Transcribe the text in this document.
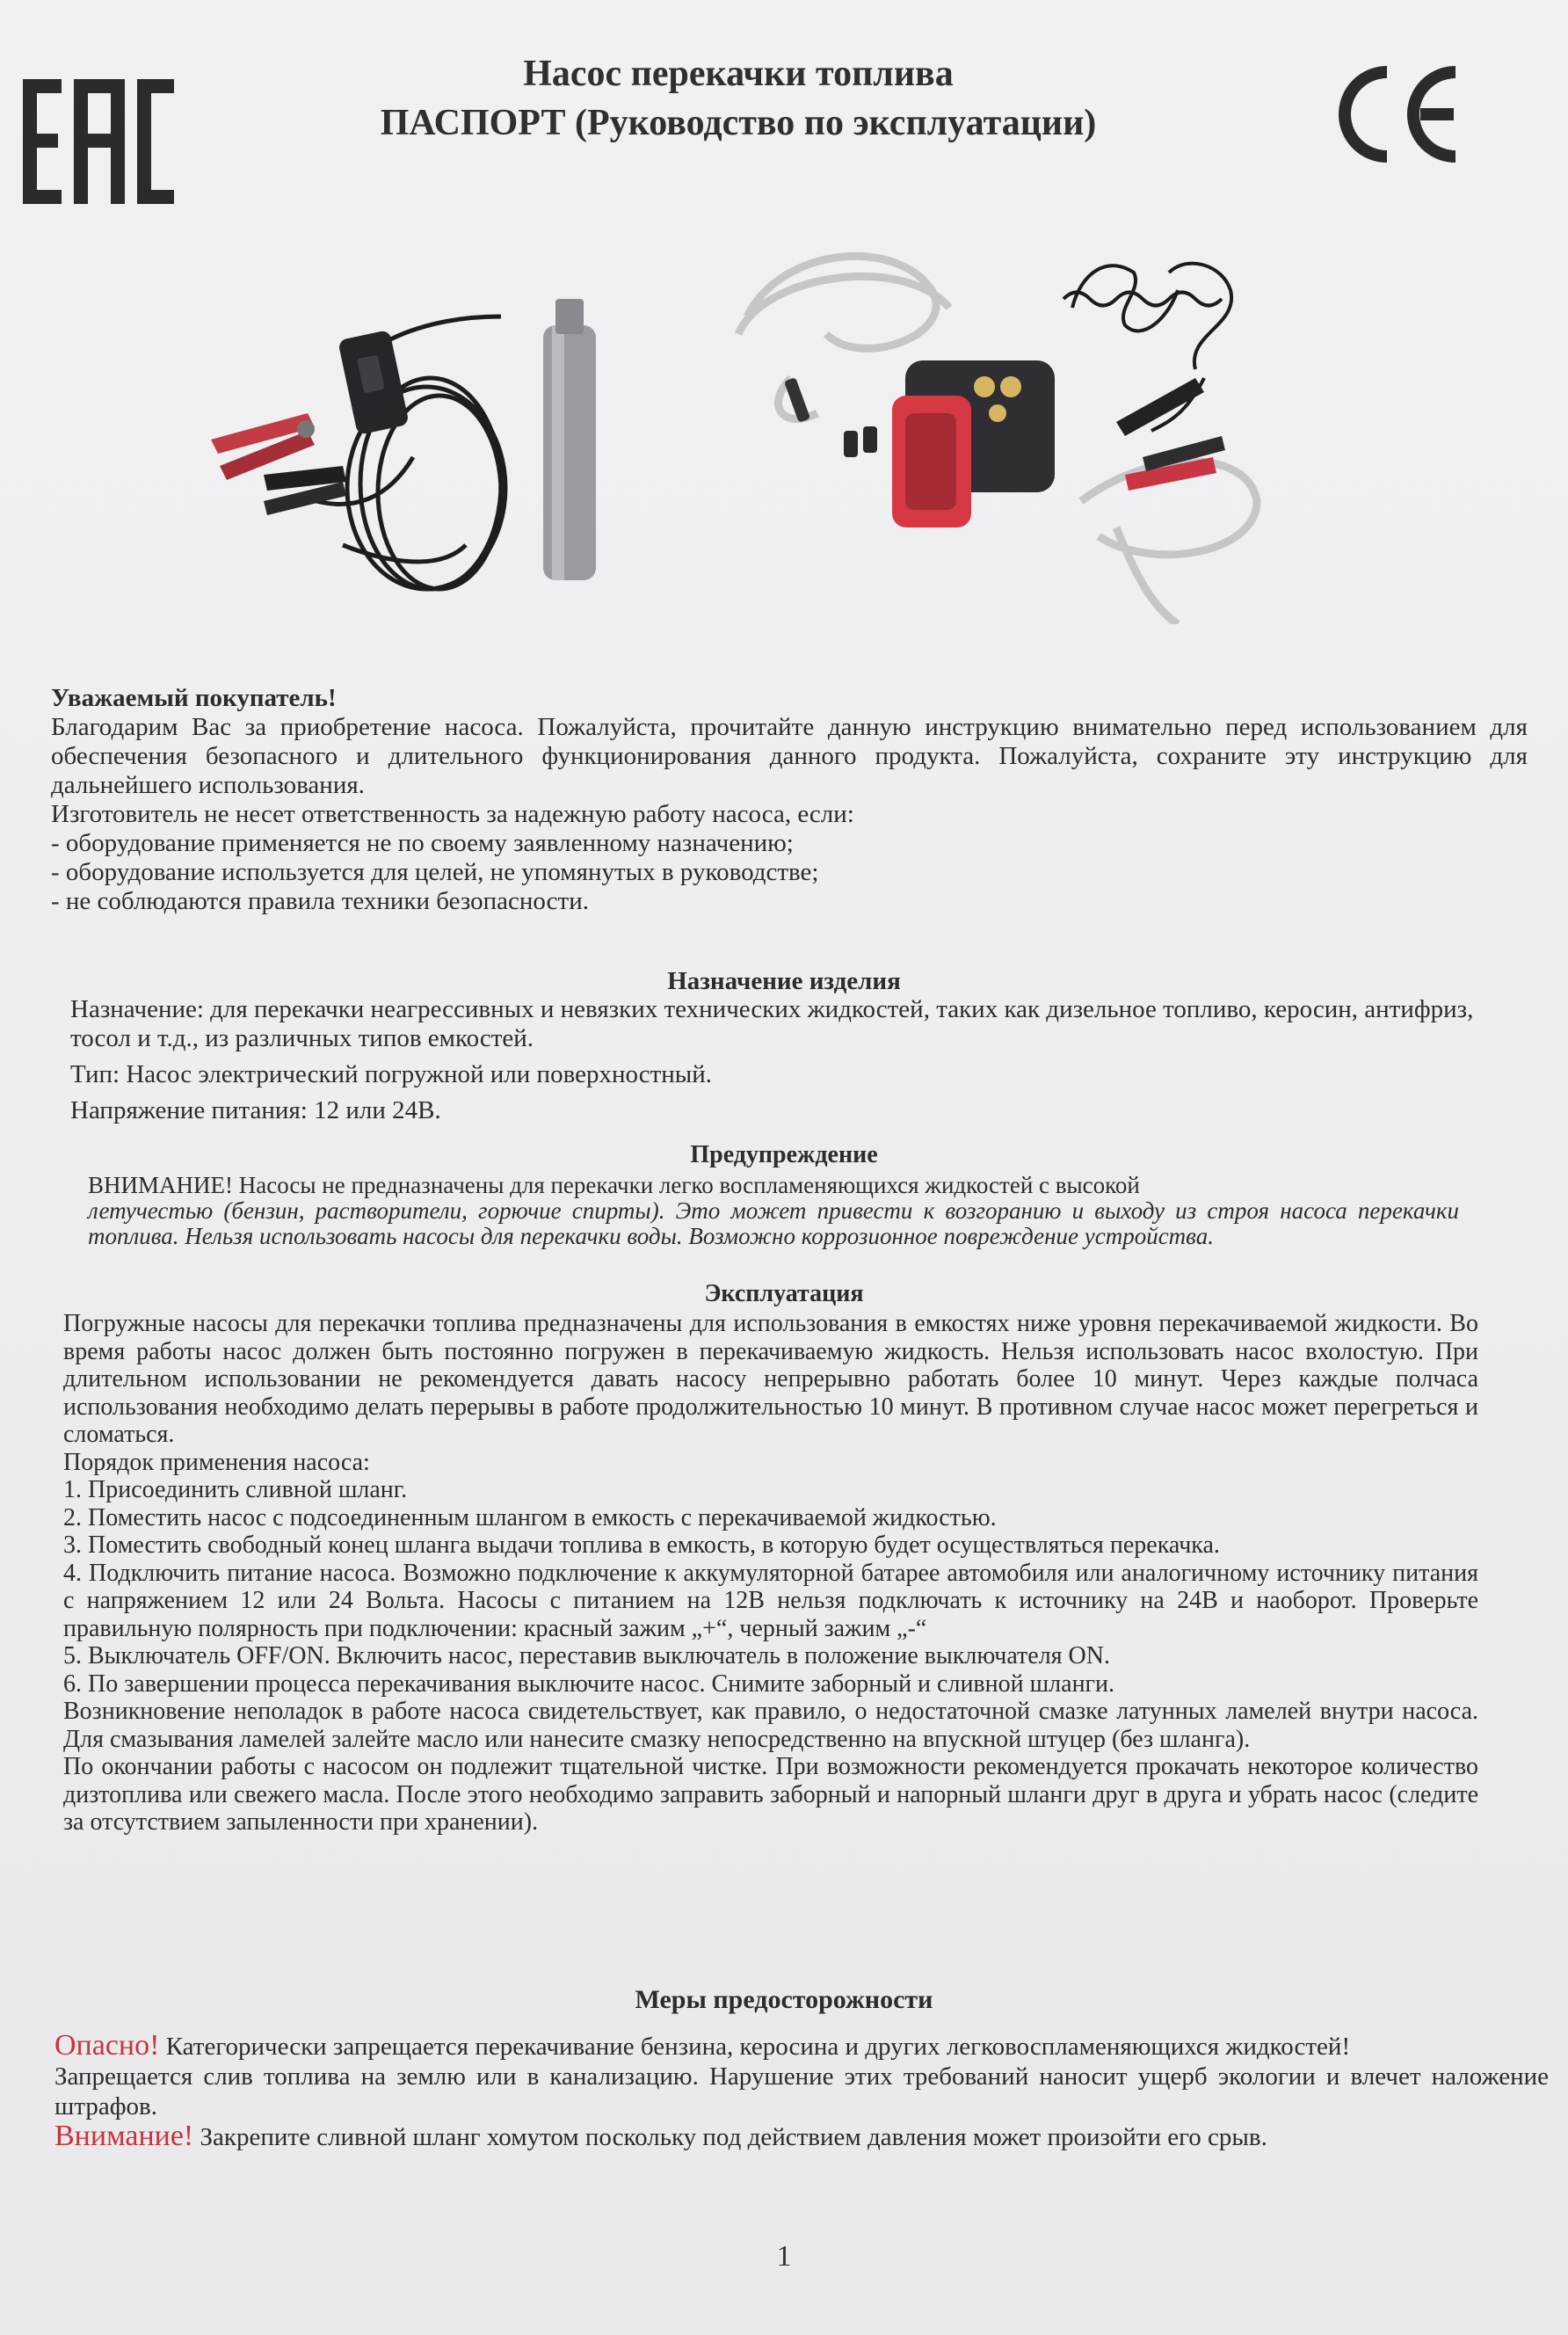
Насос перекачки топлива
ПАСПОРТ (Руководство по эксплуатации)

Уважаемый покупатель!

Благодарим Вас за приобретение насоса. Пожалуйста, прочитайте данную инструкцию внимательно перед использованием для обеспечения безопасного и длительного функционирования данного продукта. Пожалуйста, сохраните эту инструкцию для дальнейшего использования.

Изготовитель не несет ответственность за надежную работу насоса, если:

- оборудование применяется не по своему заявленному назначению;

- оборудование используется для целей, не упомянутых в руководстве;

- не соблюдаются правила техники безопасности.

Назначение изделия

Назначение: для перекачки неагрессивных и невязких технических жидкостей, таких как дизельное топливо, керосин, антифриз, тосол и т.д., из различных типов емкостей.

Тип: Насос электрический погружной или поверхностный.

Напряжение питания: 12 или 24В.

Предупреждение

ВНИМАНИЕ! Насосы не предназначены для перекачки легко воспламеняющихся жидкостей с высокой

летучестью (бензин, растворители, горючие спирты). Это может привести к возгоранию и выходу из строя насоса перекачки топлива. Нельзя использовать насосы для перекачки воды. Возможно коррозионное повреждение устройства.

Эксплуатация

Погружные насосы для перекачки топлива предназначены для использования в емкостях ниже уровня перекачиваемой жидкости. Во время работы насос должен быть постоянно погружен в перекачиваемую жидкость. Нельзя использовать насос вхолостую. При длительном использовании не рекомендуется давать насосу непрерывно работать более 10 минут. Через каждые полчаса использования необходимо делать перерывы в работе продолжительностью 10 минут. В противном случае насос может перегреться и сломаться.

Порядок применения насоса:

1. Присоединить сливной шланг.

2. Поместить насос с подсоединенным шлангом в емкость с перекачиваемой жидкостью.

3. Поместить свободный конец шланга выдачи топлива в емкость, в которую будет осуществляться перекачка.

4. Подключить питание насоса. Возможно подключение к аккумуляторной батарее автомобиля или аналогичному источнику питания с напряжением 12 или 24 Вольта. Насосы с питанием на 12В нельзя подключать к источнику на 24В и наоборот. Проверьте правильную полярность при подключении: красный зажим „+“, черный зажим „-“

5. Выключатель OFF/ON. Включить насос, переставив выключатель в положение выключателя ON.

6. По завершении процесса перекачивания выключите насос. Снимите заборный и сливной шланги.

Возникновение неполадок в работе насоса свидетельствует, как правило, о недостаточной смазке латунных ламелей внутри насоса. Для смазывания ламелей залейте масло или нанесите смазку непосредственно на впускной штуцер (без шланга).

По окончании работы с насосом он подлежит тщательной чистке. При возможности рекомендуется прокачать некоторое количество дизтоплива или свежего масла. После этого необходимо заправить заборный и напорный шланги друг в друга и убрать насос (следите за отсутствием запыленности при хранении).

Меры предосторожности

Опасно! Категорически запрещается перекачивание бензина, керосина и других легковоспламеняющихся жидкостей!

Запрещается слив топлива на землю или в канализацию. Нарушение этих требований наносит ущерб экологии и влечет наложение штрафов.

Внимание! Закрепите сливной шланг хомутом поскольку под действием давления может произойти его срыв.

1
